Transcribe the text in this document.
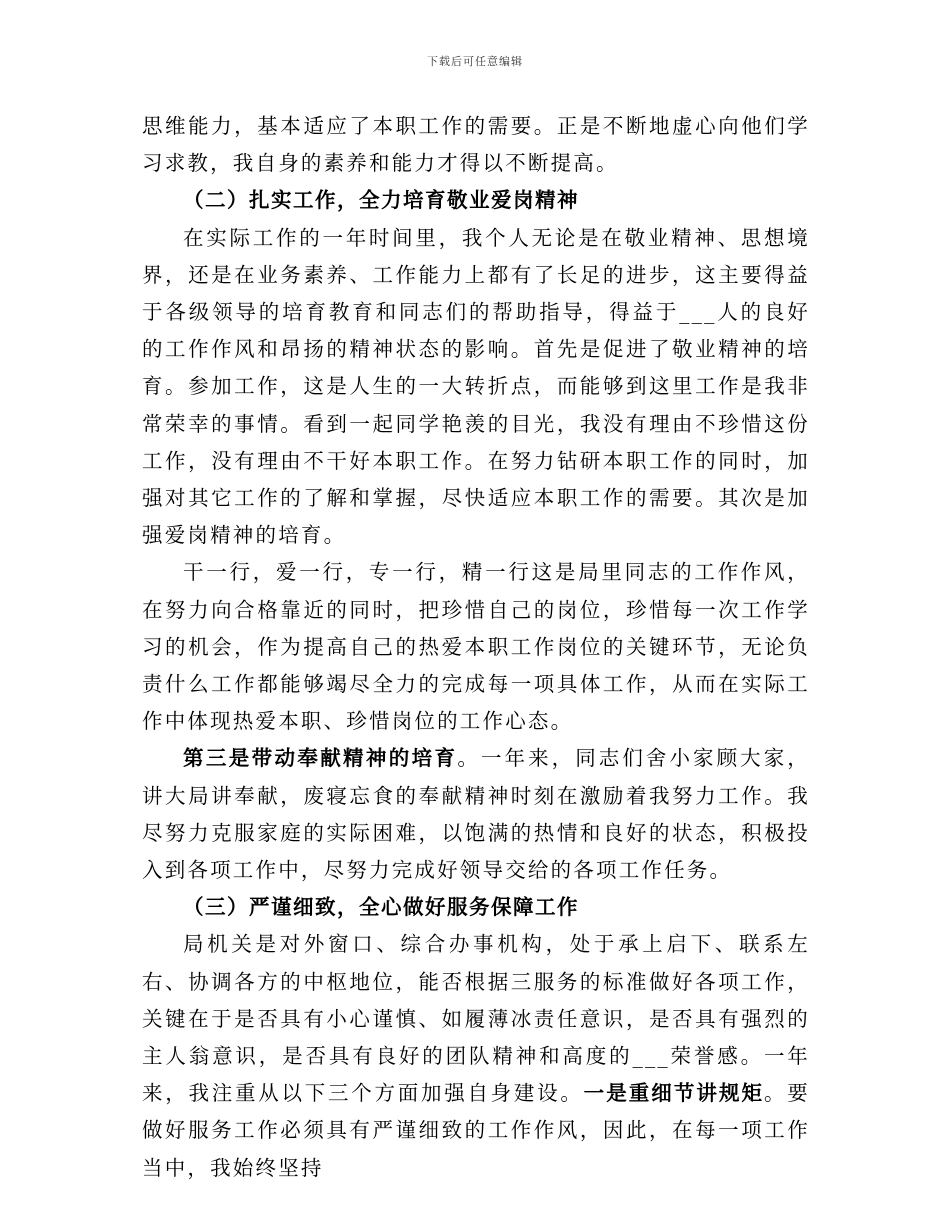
下载后可任意编辑

思维能力，基本适应了本职工作的需要。正是不断地虚心向他们学习求教，我自身的素养和能力才得以不断提高。

（二）扎实工作，全力培育敬业爱岗精神

在实际工作的一年时间里，我个人无论是在敬业精神、思想境界，还是在业务素养、工作能力上都有了长足的进步，这主要得益于各级领导的培育教育和同志们的帮助指导，得益于___人的良好的工作作风和昂扬的精神状态的影响。首先是促进了敬业精神的培育。参加工作，这是人生的一大转折点，而能够到这里工作是我非常荣幸的事情。看到一起同学艳羡的目光，我没有理由不珍惜这份工作，没有理由不干好本职工作。在努力钻研本职工作的同时，加强对其它工作的了解和掌握，尽快适应本职工作的需要。其次是加强爱岗精神的培育。

干一行，爱一行，专一行，精一行这是局里同志的工作作风，在努力向合格靠近的同时，把珍惜自己的岗位，珍惜每一次工作学习的机会，作为提高自己的热爱本职工作岗位的关键环节，无论负责什么工作都能够竭尽全力的完成每一项具体工作，从而在实际工作中体现热爱本职、珍惜岗位的工作心态。

第三是带动奉献精神的培育。一年来，同志们舍小家顾大家，讲大局讲奉献，废寝忘食的奉献精神时刻在激励着我努力工作。我尽努力克服家庭的实际困难，以饱满的热情和良好的状态，积极投入到各项工作中，尽努力完成好领导交给的各项工作任务。

（三）严谨细致，全心做好服务保障工作

局机关是对外窗口、综合办事机构，处于承上启下、联系左右、协调各方的中枢地位，能否根据三服务的标准做好各项工作，关键在于是否具有小心谨慎、如履薄冰责任意识，是否具有强烈的主人翁意识，是否具有良好的团队精神和高度的___荣誉感。一年来，我注重从以下三个方面加强自身建设。一是重细节讲规矩。要做好服务工作必须具有严谨细致的工作作风，因此，在每一项工作当中，我始终坚持
